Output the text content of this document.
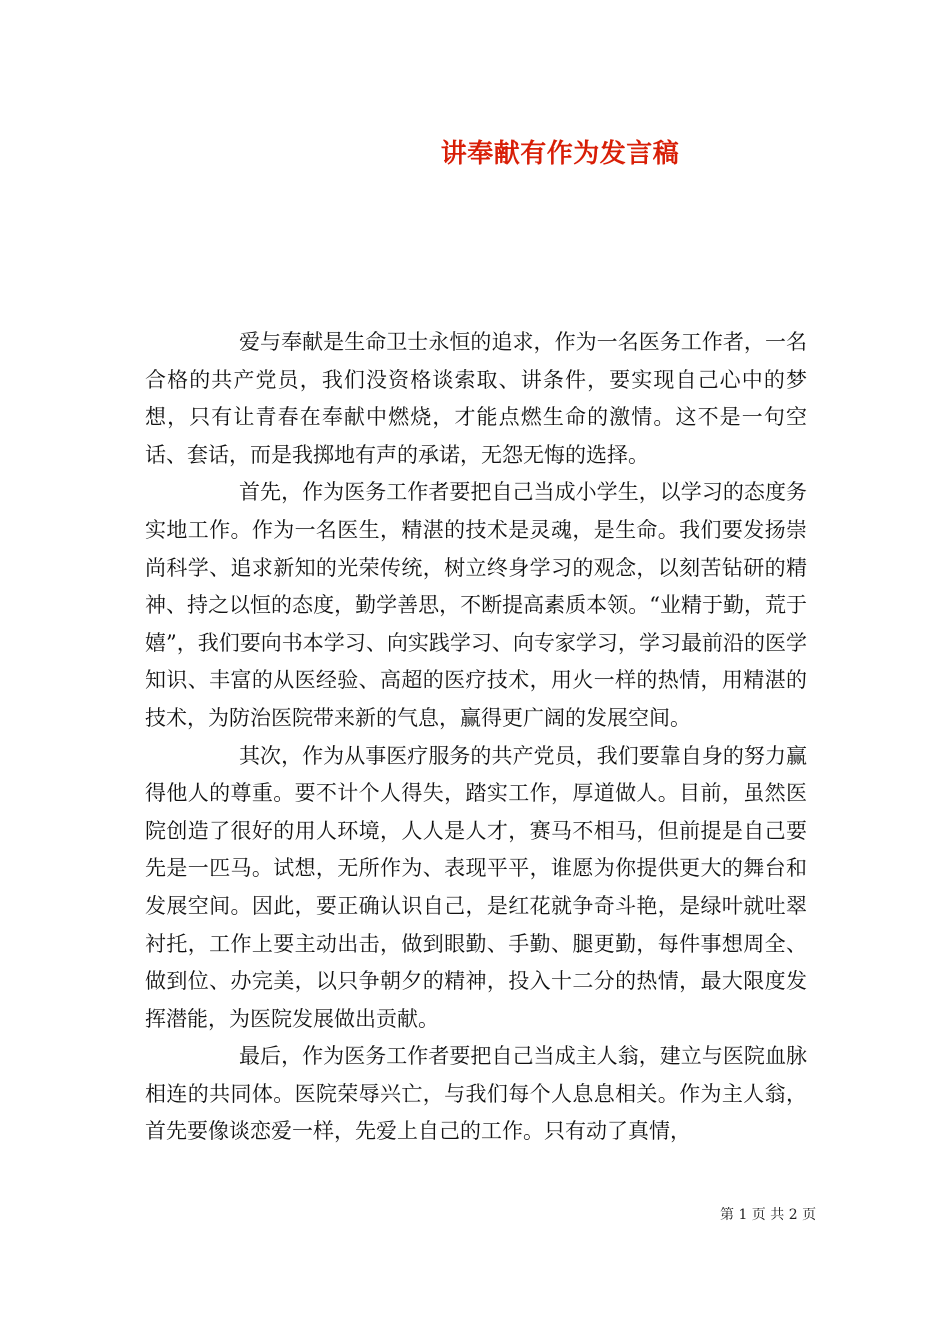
讲奉献有作为发言稿

爱与奉献是生命卫士永恒的追求，作为一名医务工作者，一名合格的共产党员，我们没资格谈索取、讲条件，要实现自己心中的梦想，只有让青春在奉献中燃烧，才能点燃生命的激情。这不是一句空话、套话，而是我掷地有声的承诺，无怨无悔的选择。

首先，作为医务工作者要把自己当成小学生，以学习的态度务实地工作。作为一名医生，精湛的技术是灵魂，是生命。我们要发扬崇尚科学、追求新知的光荣传统，树立终身学习的观念，以刻苦钻研的精神、持之以恒的态度，勤学善思，不断提高素质本领。“业精于勤，荒于嬉”，我们要向书本学习、向实践学习、向专家学习，学习最前沿的医学知识、丰富的从医经验、高超的医疗技术，用火一样的热情，用精湛的技术，为防治医院带来新的气息，赢得更广阔的发展空间。

其次，作为从事医疗服务的共产党员，我们要靠自身的努力赢得他人的尊重。要不计个人得失，踏实工作，厚道做人。目前，虽然医院创造了很好的用人环境，人人是人才，赛马不相马，但前提是自己要先是一匹马。试想，无所作为、表现平平，谁愿为你提供更大的舞台和发展空间。因此，要正确认识自己，是红花就争奇斗艳，是绿叶就吐翠衬托，工作上要主动出击，做到眼勤、手勤、腿更勤，每件事想周全、做到位、办完美，以只争朝夕的精神，投入十二分的热情，最大限度发挥潜能，为医院发展做出贡献。

最后，作为医务工作者要把自己当成主人翁，建立与医院血脉相连的共同体。医院荣辱兴亡，与我们每个人息息相关。作为主人翁，首先要像谈恋爱一样，先爱上自己的工作。只有动了真情，

第 1 页 共 2 页
